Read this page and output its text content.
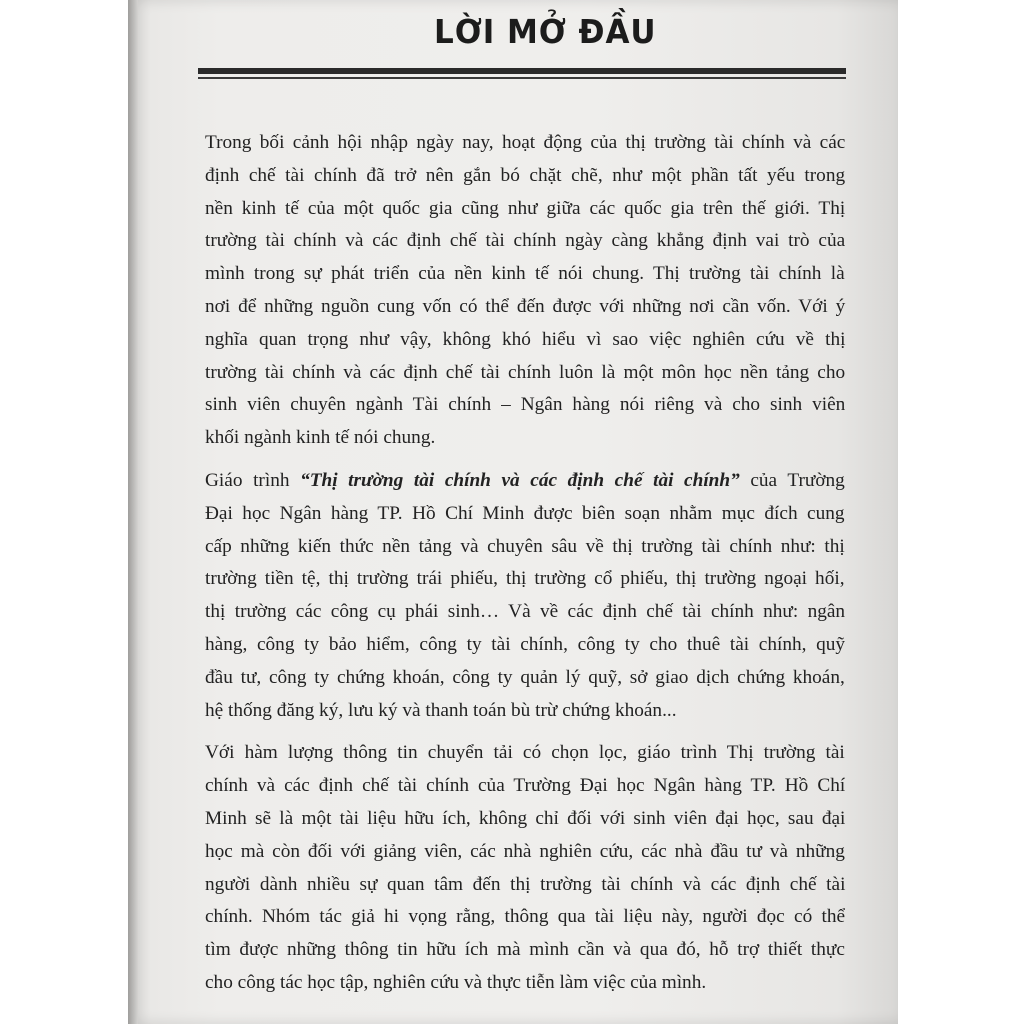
LỜI MỞ ĐẦU

Trong bối cảnh hội nhập ngày nay, hoạt động của thị trường tài chính và các
định chế tài chính đã trở nên gắn bó chặt chẽ, như một phần tất yếu trong
nền kinh tế của một quốc gia cũng như giữa các quốc gia trên thế giới. Thị
trường tài chính và các định chế tài chính ngày càng khẳng định vai trò của
mình trong sự phát triển của nền kinh tế nói chung. Thị trường tài chính là
nơi để những nguồn cung vốn có thể đến được với những nơi cần vốn. Với ý
nghĩa quan trọng như vậy, không khó hiểu vì sao việc nghiên cứu về thị
trường tài chính và các định chế tài chính luôn là một môn học nền tảng cho
sinh viên chuyên ngành Tài chính – Ngân hàng nói riêng và cho sinh viên
khối ngành kinh tế nói chung.

Giáo trình “Thị trường tài chính và các định chế tài chính” của Trường
Đại học Ngân hàng TP. Hồ Chí Minh được biên soạn nhằm mục đích cung
cấp những kiến thức nền tảng và chuyên sâu về thị trường tài chính như: thị
trường tiền tệ, thị trường trái phiếu, thị trường cổ phiếu, thị trường ngoại hối,
thị trường các công cụ phái sinh… Và về các định chế tài chính như: ngân
hàng, công ty bảo hiểm, công ty tài chính, công ty cho thuê tài chính, quỹ
đầu tư, công ty chứng khoán, công ty quản lý quỹ, sở giao dịch chứng khoán,
hệ thống đăng ký, lưu ký và thanh toán bù trừ chứng khoán...

Với hàm lượng thông tin chuyển tải có chọn lọc, giáo trình Thị trường tài
chính và các định chế tài chính của Trường Đại học Ngân hàng TP. Hồ Chí
Minh sẽ là một tài liệu hữu ích, không chỉ đối với sinh viên đại học, sau đại
học mà còn đối với giảng viên, các nhà nghiên cứu, các nhà đầu tư và những
người dành nhiều sự quan tâm đến thị trường tài chính và các định chế tài
chính. Nhóm tác giả hi vọng rằng, thông qua tài liệu này, người đọc có thể
tìm được những thông tin hữu ích mà mình cần và qua đó, hỗ trợ thiết thực
cho công tác học tập, nghiên cứu và thực tiễn làm việc của mình.
